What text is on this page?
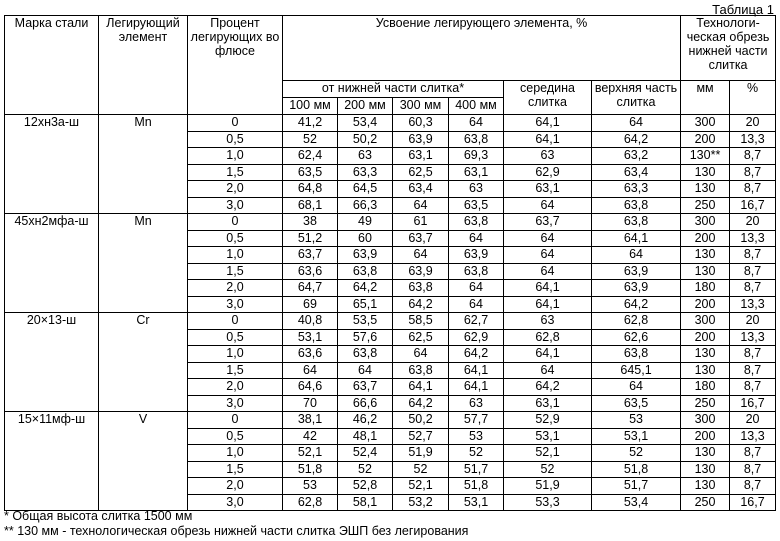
Таблица 1
Марка стали	Легирующий элемент	Процент легирующих во флюсе	Усвоение легирующего элемента, %						Технологи-ческая обрезь нижней части слитка	
			от нижней части слитка*				середина слитка	верхняя часть слитка	мм	%
			100 мм	200 мм	300 мм	400 мм				
12хн3а-ш	Mn	0	41,2	53,4	60,3	64	64,1	64	300	20
		0,5	52	50,2	63,9	63,8	64,1	64,2	200	13,3
		1,0	62,4	63	63,1	69,3	63	63,2	130**	8,7
		1,5	63,5	63,3	62,5	63,1	62,9	63,4	130	8,7
		2,0	64,8	64,5	63,4	63	63,1	63,3	130	8,7
		3,0	68,1	66,3	64	63,5	64	63,8	250	16,7
45хн2мфа-ш	Mn	0	38	49	61	63,8	63,7	63,8	300	20
		0,5	51,2	60	63,7	64	64	64,1	200	13,3
		1,0	63,7	63,9	64	63,9	64	64	130	8,7
		1,5	63,6	63,8	63,9	63,8	64	63,9	130	8,7
		2,0	64,7	64,2	63,8	64	64,1	63,9	180	8,7
		3,0	69	65,1	64,2	64	64,1	64,2	200	13,3
20×13-ш	Cr	0	40,8	53,5	58,5	62,7	63	62,8	300	20
		0,5	53,1	57,6	62,5	62,9	62,8	62,6	200	13,3
		1,0	63,6	63,8	64	64,2	64,1	63,8	130	8,7
		1,5	64	64	63,8	64,1	64	645,1	130	8,7
		2,0	64,6	63,7	64,1	64,1	64,2	64	180	8,7
		3,0	70	66,6	64,2	63	63,1	63,5	250	16,7
15×11мф-ш	V	0	38,1	46,2	50,2	57,7	52,9	53	300	20
		0,5	42	48,1	52,7	53	53,1	53,1	200	13,3
		1,0	52,1	52,4	51,9	52	52,1	52	130	8,7
		1,5	51,8	52	52	51,7	52	51,8	130	8,7
		2,0	53	52,8	52,1	51,8	51,9	51,7	130	8,7
		3,0	62,8	58,1	53,2	53,1	53,3	53,4	250	16,7
* Общая высота слитка 1500 мм
** 130 мм - технологическая обрезь нижней части слитка ЭШП без легирования
